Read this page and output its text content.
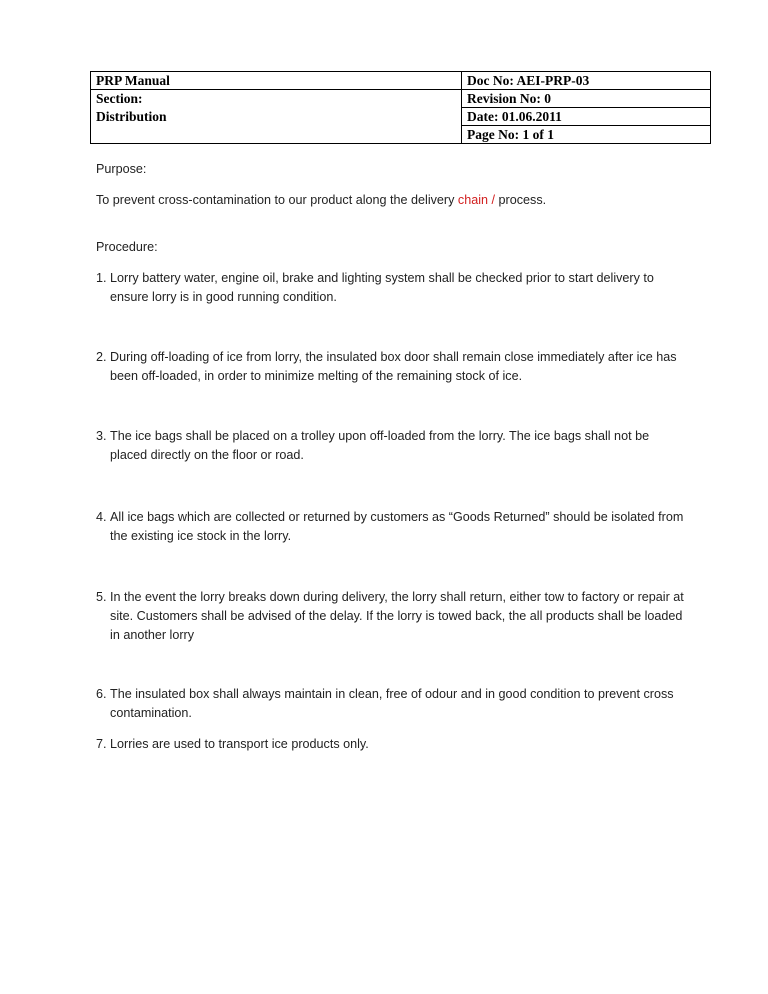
PRP Manual	Doc No: AEI-PRP-03
Section:	Revision No: 0
Distribution	Date: 01.06.2011
	Page No: 1 of 1

Purpose:

To prevent cross-contamination to our product along the delivery chain / process.

Procedure:

1. Lorry battery water, engine oil, brake and lighting system shall be checked prior to start delivery to ensure lorry is in good running condition.
2. During off-loading of ice from lorry, the insulated box door shall remain close immediately after ice has been off-loaded, in order to minimize melting of the remaining stock of ice.
3. The ice bags shall be placed on a trolley upon off-loaded from the lorry. The ice bags shall not be placed directly on the floor or road.
4. All ice bags which are collected or returned by customers as “Goods Returned” should be isolated from the existing ice stock in the lorry.
5. In the event the lorry breaks down during delivery, the lorry shall return, either tow to factory or repair at site. Customers shall be advised of the delay. If the lorry is towed back, the all products shall be loaded in another lorry
6. The insulated box shall always maintain in clean, free of odour and in good condition to prevent cross contamination.
7. Lorries are used to transport ice products only.
